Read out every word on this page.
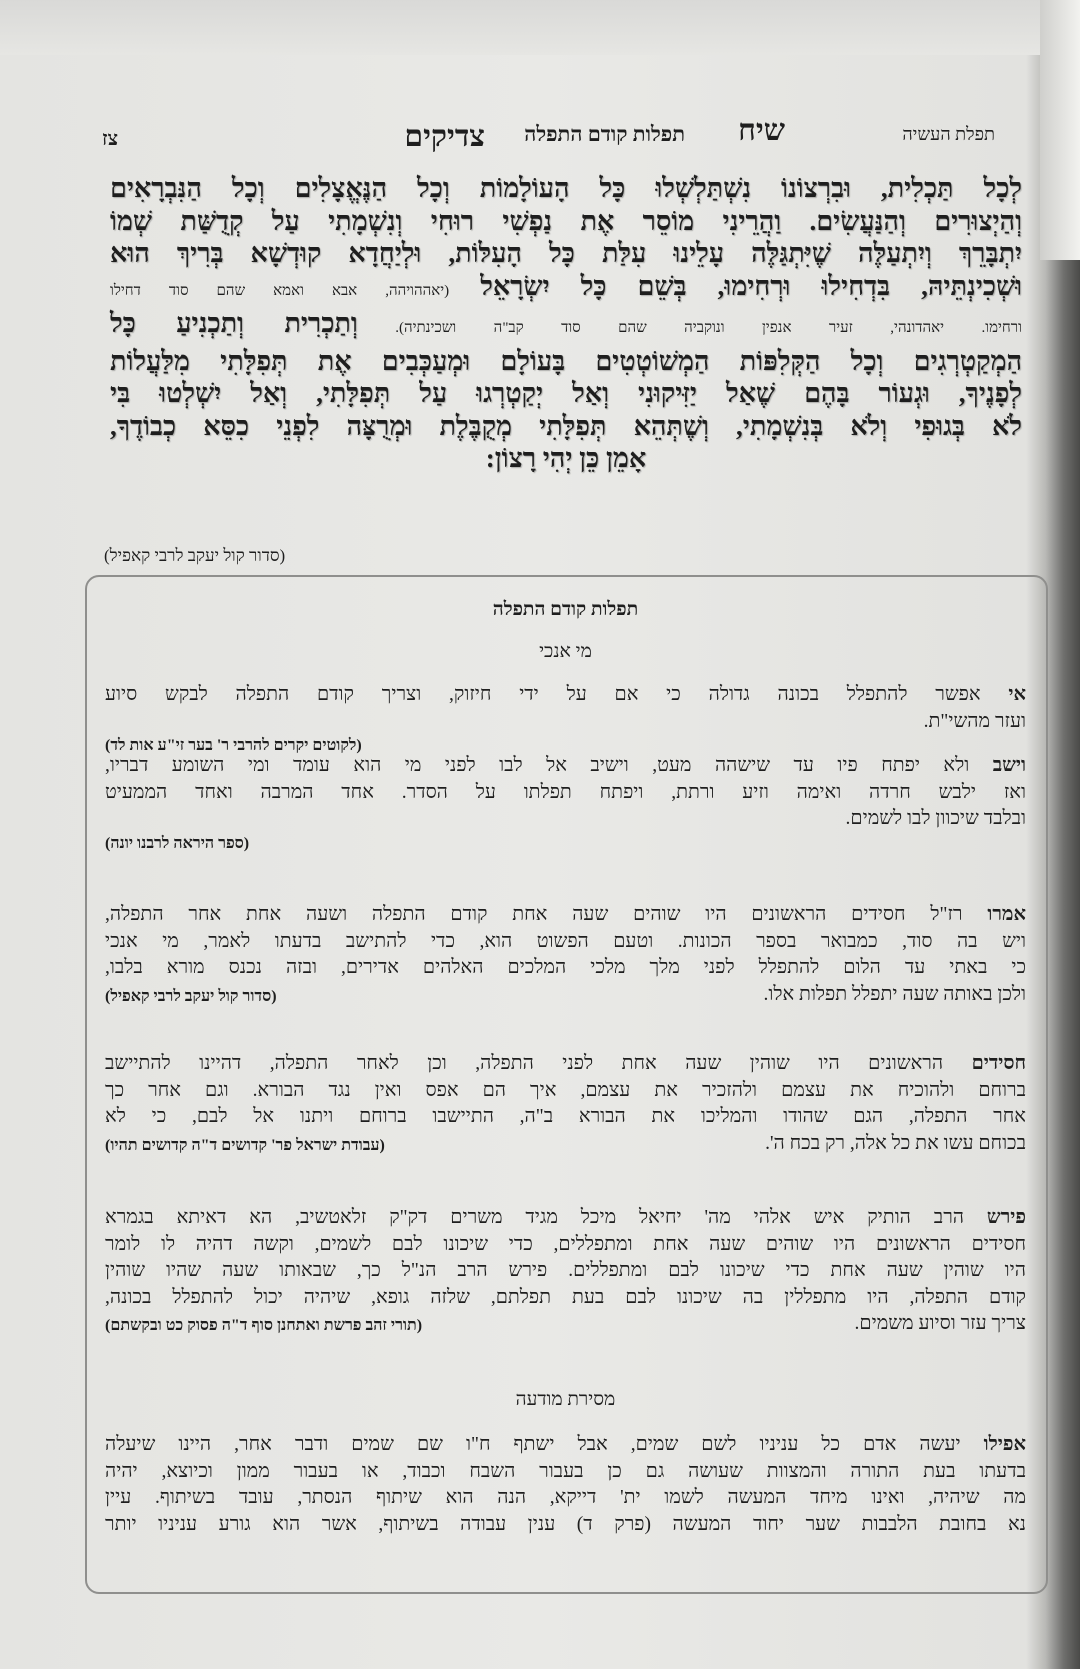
תפלת העשיה
שיח
תפלות קודם התפלה
צדיקים
צז
לְכָל תַּכְלִית, וּבִרְצוֹנוֹ נִשְׁתַּלְשְׁלוּ כָּל הָעוֹלָמוֹת וְכָל הַנֶּאֱצָלִים וְכָל הַנִּבְרָאִים
וְהַיְצוּרִים וְהַנַּעֲשִׂים. וַהֲרֵינִי מוֹסֵר אֶת נַפְשִׁי רוּחִי וְנִשְׁמָתִי עַל קְדֻשַּׁת שְׁמוֹ
יִתְבָּרֵךְ וְיִתְעַלֶּה שֶׁיִּתְגַּלֶּה עָלֵינוּ עִלַּת כָּל הָעִלּוֹת, וּלְיַחֲדָא קוּדְשָׁא בְּרִיךְ הוּא
וּשְׁכִינְתֵּיהּ, בִּדְחִילוּ וּרְחִימוּ, בְּשֵׁם כָּל יִשְׂרָאֵל (יאההויהה, אבא ואמא שהם סוד דחילו
ורחימו. יאהדונהי, זעיר אנפין ונוקביה שהם סוד קב"ה ושכינתיה). וְתַכְרִית וְתַכְנִיעַ כָּל
הַמְקַטְרְגִים וְכָל הַקְּלִפּוֹת הַמְשׁוֹטְטִים בָּעוֹלָם וּמְעַכְּבִים אֶת תְּפִלָּתִי מִלַּעֲלוֹת
לְפָנֶיךָ, וּגְעוֹר בָּהֶם שֶׁאַל יַזִּיקוּנִי וְאַל יְקַטְרְגוּ עַל תְּפִלָּתִי, וְאַל יִשְׁלְטוּ בִּי
לֹא בְּגוּפִי וְלֹא בְּנִשְׁמָתִי, וְשֶׁתְּהֵא תְּפִלָּתִי מְקֻבֶּלֶת וּמְרֻצָּה לִפְנֵי כִסֵּא כְבוֹדֶךָ,
אָמֵן כֵּן יְהִי רָצוֹן:
(סדור קול יעקב לרבי קאפיל)
תפלות קודם התפלה
מי אנכי
מסירת מודעה
אי אפשר להתפלל בכונה גדולה כי אם על ידי חיזוק, וצריך קודם התפלה לבקש סיוע
ועזר מהשי"ת.
(לקוטים יקרים להרבי ר' בער זי"ע אות לד)
וישב ולא יפתח פיו עד שישהה מעט, וישיב אל לבו לפני מי הוא עומד ומי השומע דבריו,
ואז ילבש חרדה ואימה וזיע ורתת, ויפתח תפלתו על הסדר. אחד המרבה ואחד הממעיט
ובלבד שיכוון לבו לשמים.
(ספר היראה לרבנו יונה)
אמרו רז"ל חסידים הראשונים היו שוהים שעה אחת קודם התפלה ושעה אחת אחר התפלה,
ויש בה סוד, כמבואר בספר הכונות. וטעם הפשוט הוא, כדי להתישב בדעתו לאמר, מי אנכי
כי באתי עד הלום להתפלל לפני מלך מלכי המלכים האלהים אדירים, ובזה נכנס מורא בלבו,
ולכן באותה שעה יתפלל תפלות אלו.
(סדור קול יעקב לרבי קאפיל)
חסידים הראשונים היו שוהין שעה אחת לפני התפלה, וכן לאחר התפלה, דהיינו להתיישב
ברוחם ולהוכיח את עצמם ולהזכיר את עצמם, איך הם אפס ואין נגד הבורא. וגם אחר כך
אחר התפלה, הגם שהודו והמליכו את הבורא ב"ה, התיישבו ברוחם ויתנו אל לבם, כי לא
בכוחם עשו את כל אלה, רק בכח ה'.
(עבודת ישראל פר' קדושים ד"ה קדושים תהיו)
פירש הרב הותיק איש אלהי מה' יחיאל מיכל מגיד משרים דק"ק זלאטשיב, הא דאיתא בגמרא
חסידים הראשונים היו שוהים שעה אחת ומתפללים, כדי שיכונו לבם לשמים, וקשה דהיה לו לומר
היו שוהין שעה אחת כדי שיכונו לבם ומתפללים. פירש הרב הנ"ל כך, שבאותו שעה שהיו שוהין
קודם התפלה, היו מתפללין בה שיכונו לבם בעת תפלתם, שלזה גופא, שיהיה יכול להתפלל בכונה,
צריך עזר וסיוע משמים.
(תורי זהב פרשת ואתחנן סוף ד"ה פסוק כט ובקשתם)
אפילו יעשה אדם כל עניניו לשם שמים, אבל ישתף ח"ו שם שמים ודבר אחר, היינו שיעלה
בדעתו בעת התורה והמצוות שעושה גם כן בעבור השבח וכבוד, או בעבור ממון וכיוצא, יהיה
מה שיהיה, ואינו מיחד המעשה לשמו ית' דייקא, הנה הוא שיתוף הנסתר, עובד בשיתוף. עיין
נא בחובת הלבבות שער יחוד המעשה (פרק ד) ענין עבודה בשיתוף, אשר הוא גורע עניניו יותר
